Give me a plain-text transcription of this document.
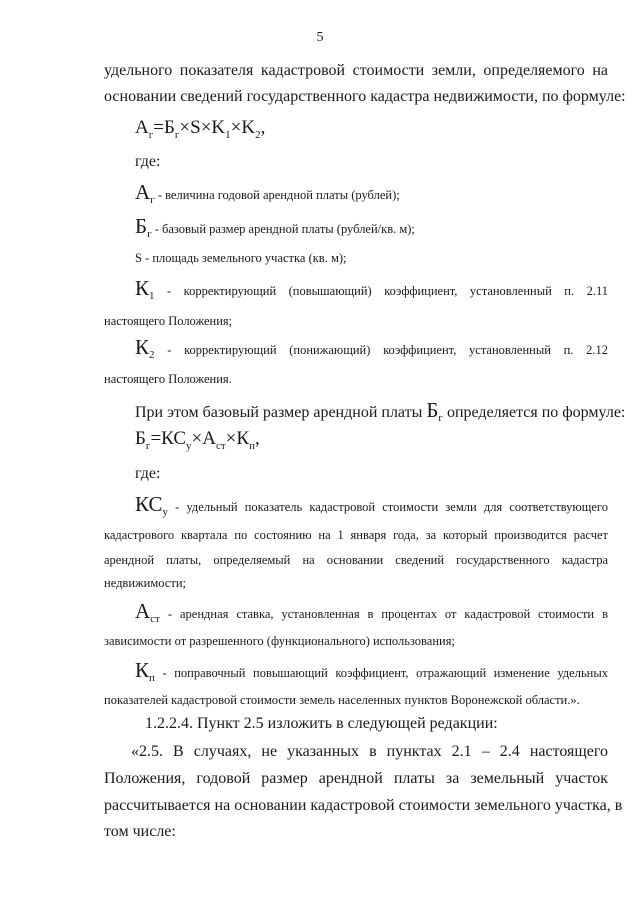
5
удельного показателя кадастровой стоимости земли, определяемого на
основании сведений государственного кадастра недвижимости, по формуле:
$А_г=Б_г\times S\times K_1\times K_2$,
где:
Аг - величина годовой арендной платы (рублей);
Бг - базовый размер арендной платы (рублей/кв. м);
S - площадь земельного участка (кв. м);
К1 - корректирующий (повышающий) коэффициент, установленный п. 2.11
настоящего Положения;
К2 - корректирующий (понижающий) коэффициент, установленный п. 2.12
настоящего Положения.
При этом базовый размер арендной платы $Б_г$ определяется по формуле:
$Б_г=КС_у\times А_{ст}\times К_п$,
где:
КСу - удельный показатель кадастровой стоимости земли для соответствующего
кадастрового квартала по состоянию на 1 января года, за который производится расчет
арендной платы, определяемый на основании сведений государственного кадастра
недвижимости;
Аст - арендная ставка, установленная в процентах от кадастровой стоимости в
зависимости от разрешенного (функционального) использования;
Кп - поправочный повышающий коэффициент, отражающий изменение удельных
показателей кадастровой стоимости земель населенных пунктов Воронежской области.».
1.2.2.4. Пункт 2.5 изложить в следующей редакции:
«2.5. В случаях, не указанных в пунктах 2.1 – 2.4 настоящего
Положения, годовой размер арендной платы за земельный участок
рассчитывается на основании кадастровой стоимости земельного участка, в
том числе:
